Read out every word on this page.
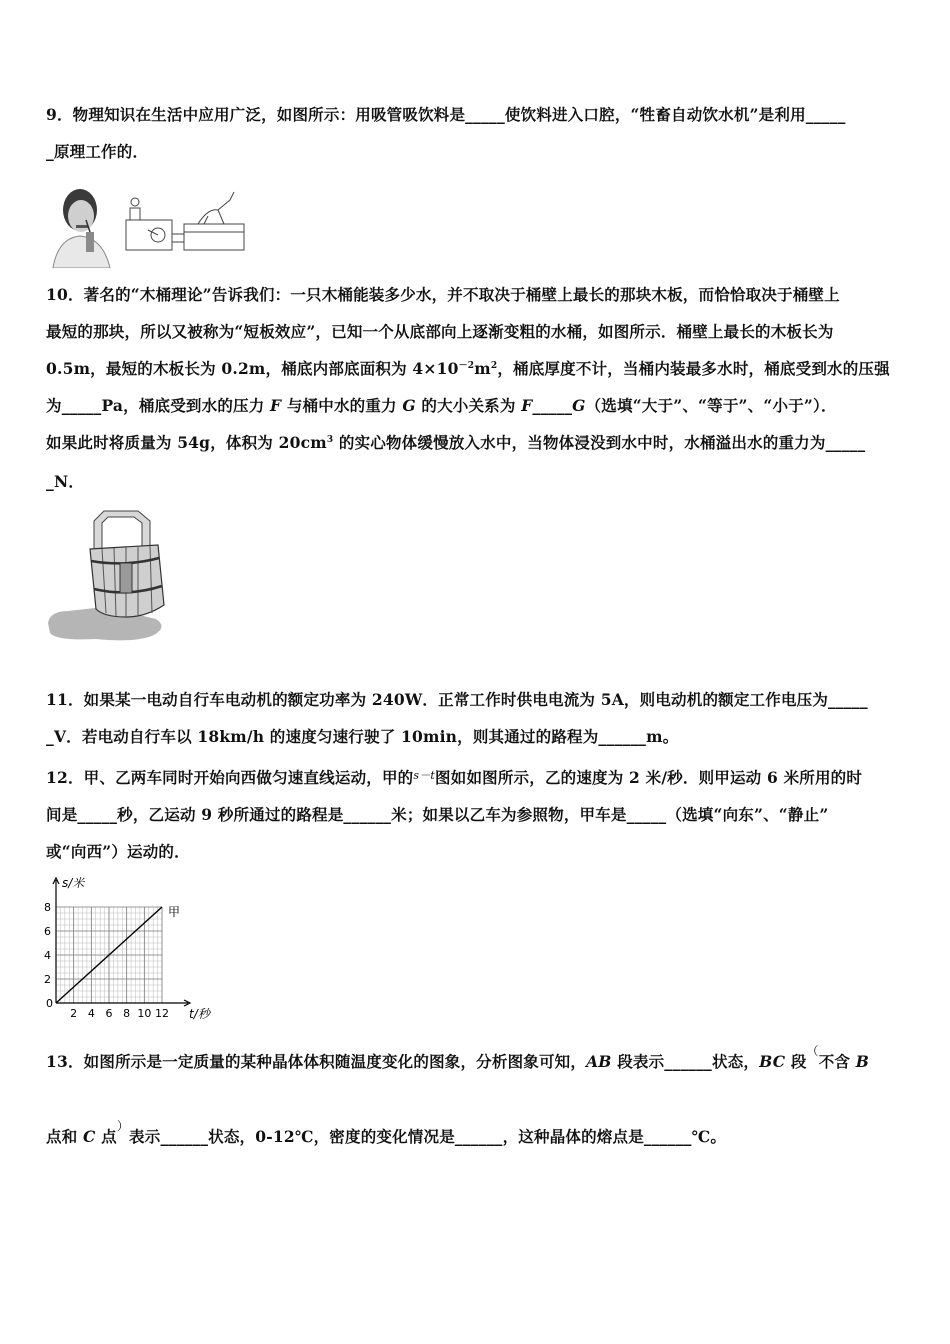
9．物理知识在生活中应用广泛，如图所示：用吸管吸饮料是_____使饮料进入口腔，“牲畜自动饮水机”是利用_____
_原理工作的．
10．著名的“木桶理论”告诉我们：一只木桶能装多少水，并不取决于桶壁上最长的那块木板，而恰恰取决于桶壁上
最短的那块，所以又被称为“短板效应”，已知一个从底部向上逐渐变粗的水桶，如图所示．桶壁上最长的木板长为
0.5m，最短的木板长为 0.2m，桶底内部底面积为 $4\times 10^{-2}m^2$，桶底厚度不计，当桶内装最多水时，桶底受到水的压强
为_____Pa，桶底受到水的压力 F 与桶中水的重力 G 的大小关系为 F_____G（选填“大于”、“等于”、“小于”）．
如果此时将质量为 54g，体积为 $20cm^3$ 的实心物体缓慢放入水中，当物体浸没到水中时，水桶溢出水的重力为_____
_N．
11．如果某一电动自行车电动机的额定功率为 240W．正常工作时供电电流为 5A，则电动机的额定工作电压为_____
_V．若电动自行车以 18km/h 的速度匀速行驶了 10min，则其通过的路程为______m。
12．甲、乙两车同时开始向西做匀速直线运动，甲的$^{s-t}$图如如图所示，乙的速度为 2 米/秒．则甲运动 6 米所用的时
间是_____秒，乙运动 9 秒所通过的路程是______米；如果以乙车为参照物，甲车是_____（选填“向东”、“静止”
或“向西”）运动的．
2 4 6 8 10 12
2
4
6
8
s/米
t/秒
0
甲
13．如图所示是一定质量的某种晶体体积随温度变化的图象，分析图象可知，AB 段表示______状态，BC 段（不含 B
点和 C 点）表示______状态，0-12℃，密度的变化情况是______，这种晶体的熔点是______℃。
